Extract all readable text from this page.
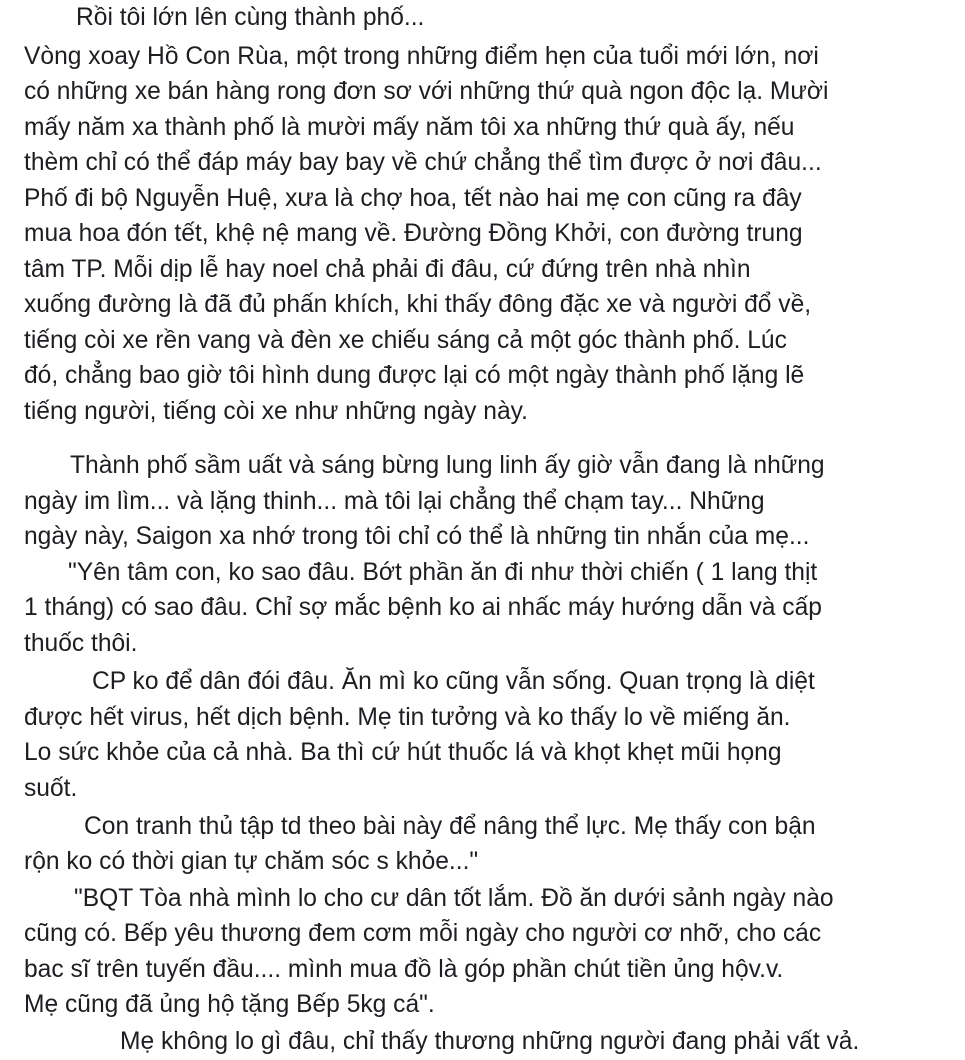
Rồi tôi lớn lên cùng thành phố...
Vòng xoay Hồ Con Rùa, một trong những điểm hẹn của tuổi mới lớn, nơi
có những xe bán hàng rong đơn sơ với những thứ quà ngon độc lạ. Mười
mấy năm xa thành phố là mười mấy năm tôi xa những thứ quà ấy, nếu
thèm chỉ có thể đáp máy bay bay về chứ chẳng thể tìm được ở nơi đâu...
Phố đi bộ Nguyễn Huệ, xưa là chợ hoa, tết nào hai mẹ con cũng ra đây
mua hoa đón tết, khệ nệ mang về. Đường Đồng Khởi, con đường trung
tâm TP. Mỗi dịp lễ hay noel chả phải đi đâu, cứ đứng trên nhà nhìn
xuống đường là đã đủ phấn khích, khi thấy đông đặc xe và người đổ về,
tiếng còi xe rền vang và đèn xe chiếu sáng cả một góc thành phố. Lúc
đó, chẳng bao giờ tôi hình dung được lại có một ngày thành phố lặng lẽ
tiếng người, tiếng còi xe như những ngày này.
Thành phố sầm uất và sáng bừng lung linh ấy giờ vẫn đang là những
ngày im lìm... và lặng thinh... mà tôi lại chẳng thể chạm tay... Những
ngày này, Saigon xa nhớ trong tôi chỉ có thể là những tin nhắn của mẹ...
"Yên tâm con, ko sao đâu. Bớt phần ăn đi như thời chiến ( 1 lang thịt
1 tháng) có sao đâu. Chỉ sợ mắc bệnh ko ai nhấc máy hướng dẫn và cấp
thuốc thôi.
CP ko để dân đói đâu. Ăn mì ko cũng vẫn sống. Quan trọng là diệt
được hết virus, hết dịch bệnh. Mẹ tin tưởng và ko thấy lo về miếng ăn.
Lo sức khỏe của cả nhà. Ba thì cứ hút thuốc lá và khọt khẹt mũi họng
suốt.
Con tranh thủ tập td theo bài này để nâng thể lực. Mẹ thấy con bận
rộn ko có thời gian tự chăm sóc s khỏe..."
"BQT Tòa nhà mình lo cho cư dân tốt lắm. Đồ ăn dưới sảnh ngày nào
cũng có. Bếp yêu thương đem cơm mỗi ngày cho người cơ nhỡ, cho các
bac sĩ trên tuyến đầu.... mình mua đồ là góp phần chút tiền ủng hộv.v.
Mẹ cũng đã ủng hộ tặng Bếp 5kg cá".
Mẹ không lo gì đâu, chỉ thấy thương những người đang phải vất vả.
